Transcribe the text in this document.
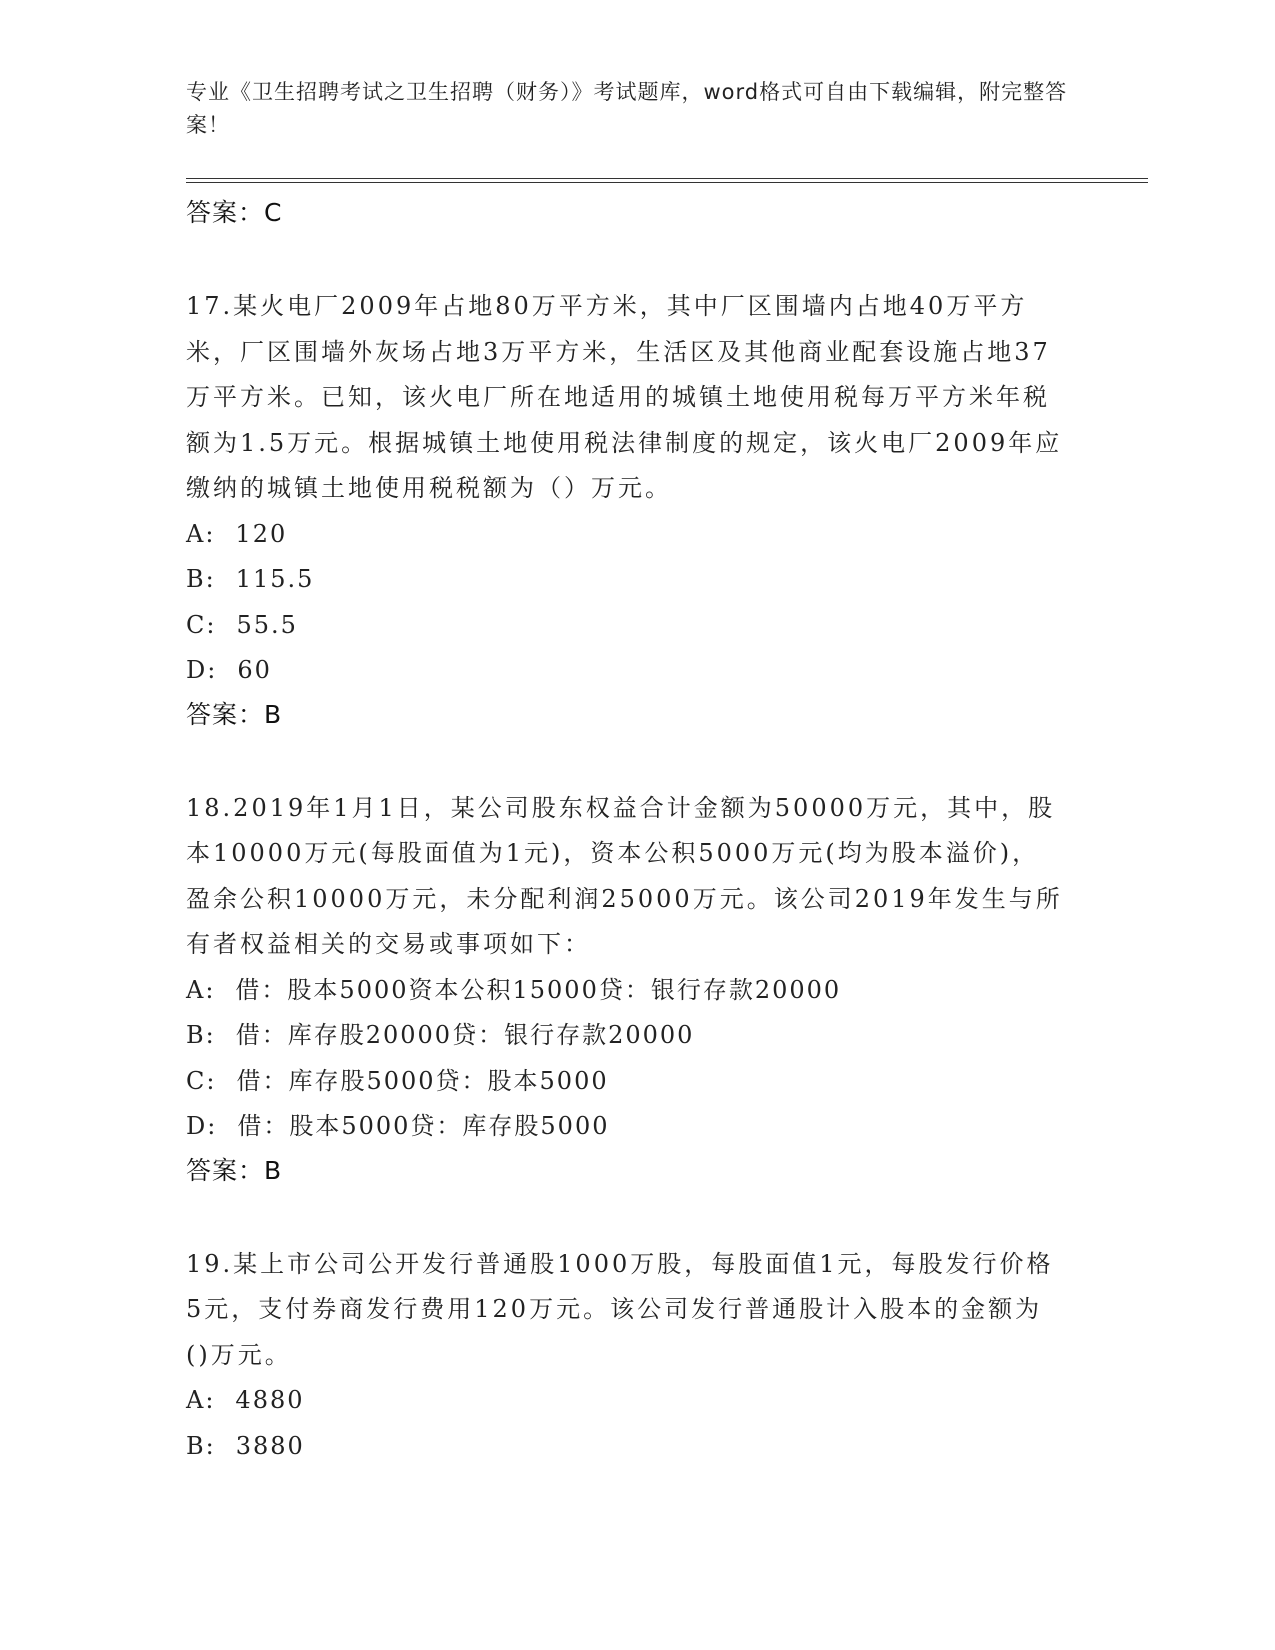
专业《卫生招聘考试之卫生招聘（财务）》考试题库，word格式可自由下载编辑，附完整答案！
答案：C
17.某火电厂2009年占地80万平方米，其中厂区围墙内占地40万平方米，厂区围墙外灰场占地3万平方米，生活区及其他商业配套设施占地37万平方米。已知，该火电厂所在地适用的城镇土地使用税每万平方米年税额为1.5万元。根据城镇土地使用税法律制度的规定，该火电厂2009年应缴纳的城镇土地使用税税额为（）万元。
A: 120
B: 115.5
C: 55.5
D: 60
答案：B
18.2019年1月1日，某公司股东权益合计金额为50000万元，其中，股本10000万元(每股面值为1元)，资本公积5000万元(均为股本溢价)，盈余公积10000万元，未分配利润25000万元。该公司2019年发生与所有者权益相关的交易或事项如下：
A: 借：股本5000资本公积15000贷：银行存款20000
B: 借：库存股20000贷：银行存款20000
C: 借：库存股5000贷：股本5000
D: 借：股本5000贷：库存股5000
答案：B
19.某上市公司公开发行普通股1000万股，每股面值1元，每股发行价格5元，支付券商发行费用120万元。该公司发行普通股计入股本的金额为()万元。
A: 4880
B: 3880
